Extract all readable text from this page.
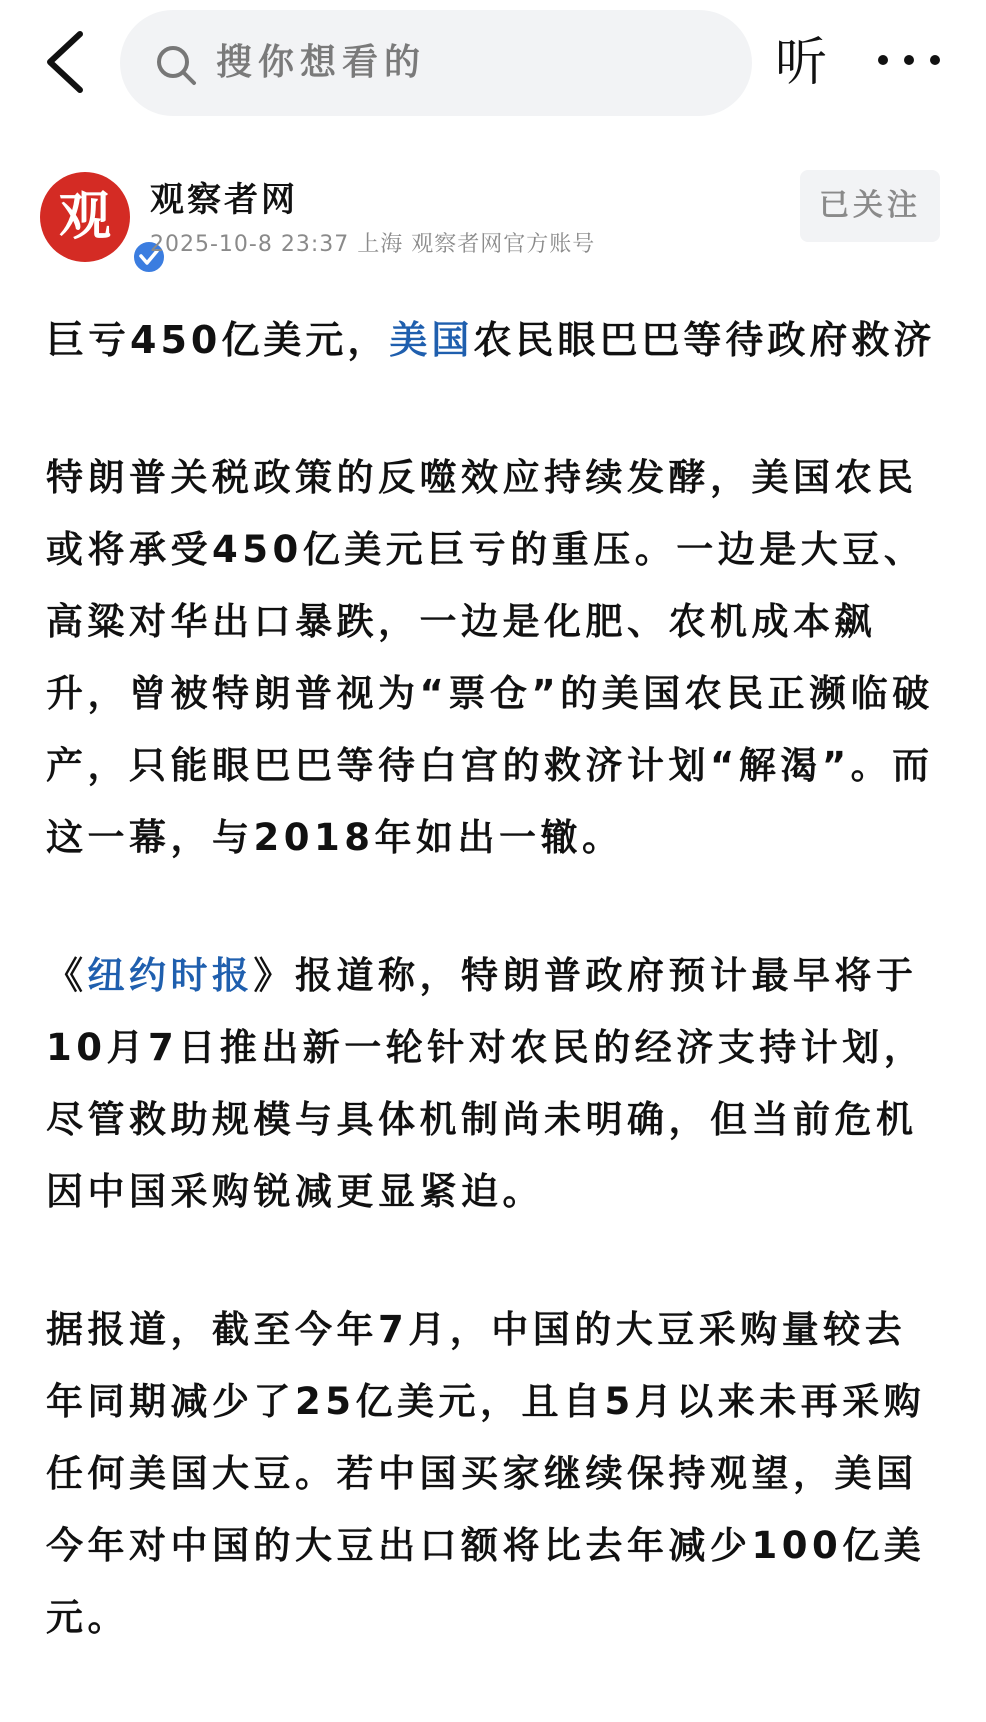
搜你想看的	听
观	观察者网
2025-10-8 23:37 上海 观察者网官方账号
已关注
巨亏450亿美元，美国农民眼巴巴等待政府救济
特朗普关税政策的反噬效应持续发酵，美国农民或将承受450亿美元巨亏的重压。一边是大豆、高粱对华出口暴跌，一边是化肥、农机成本飙升，曾被特朗普视为“票仓”的美国农民正濒临破产，只能眼巴巴等待白宫的救济计划“解渴”。而这一幕，与2018年如出一辙。
《纽约时报》报道称，特朗普政府预计最早将于10月7日推出新一轮针对农民的经济支持计划，尽管救助规模与具体机制尚未明确，但当前危机因中国采购锐减更显紧迫。
据报道，截至今年7月，中国的大豆采购量较去年同期减少了25亿美元，且自5月以来未再采购任何美国大豆。若中国买家继续保持观望，美国今年对中国的大豆出口额将比去年减少100亿美元。
